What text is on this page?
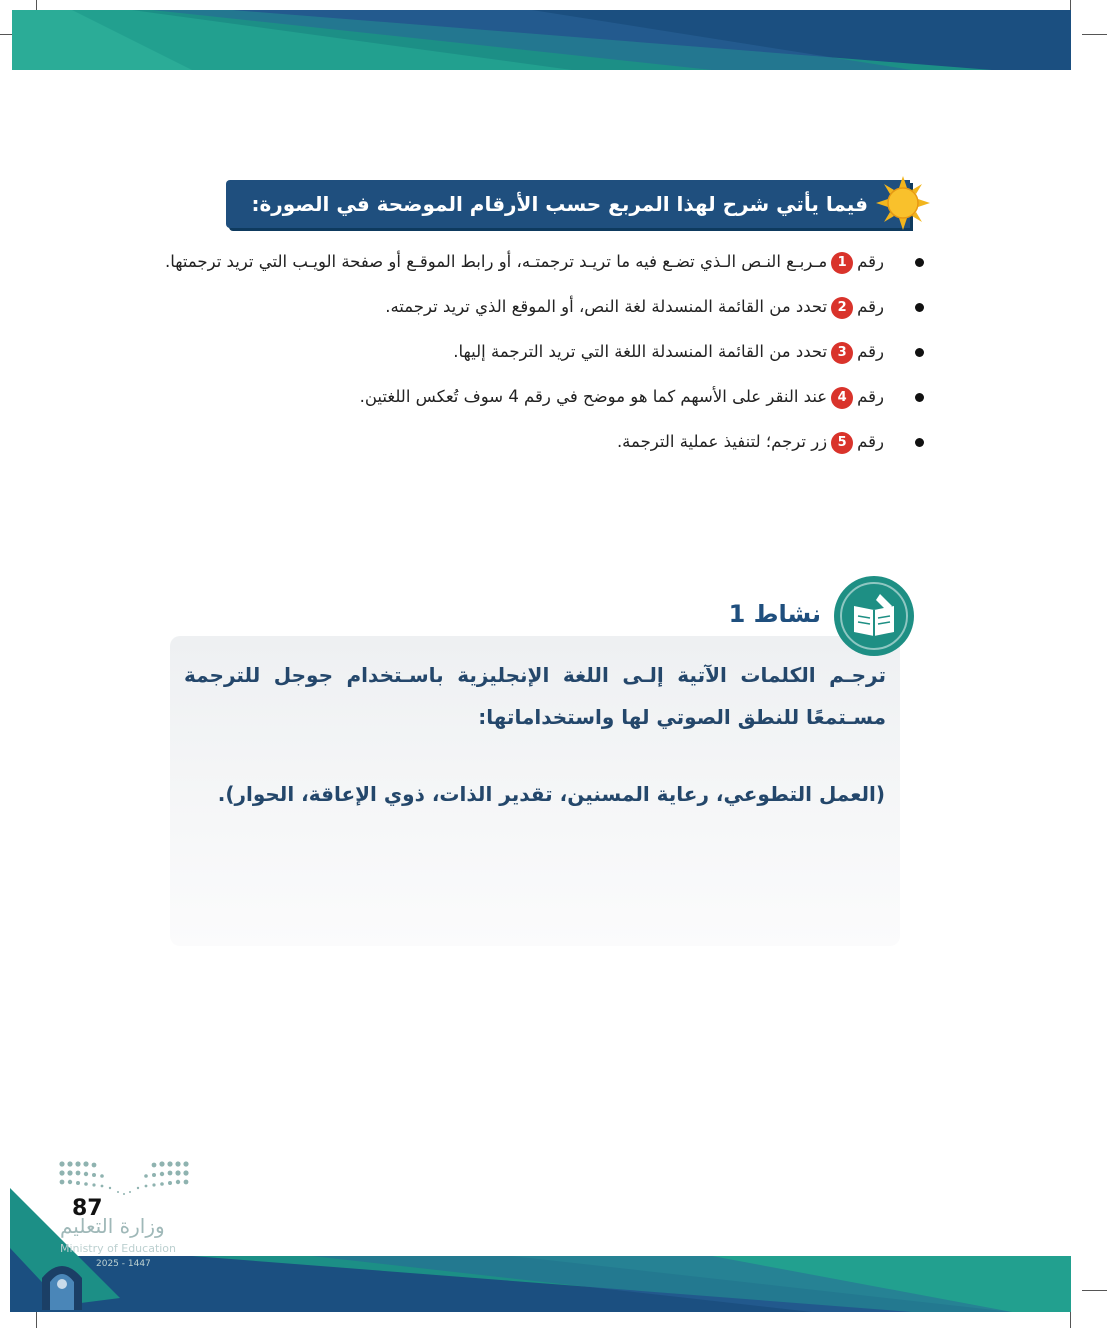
فيما يأتي شرح لهذا المربع حسب الأرقام الموضحة في الصورة:
رقم1مـربـع النـص الـذي تضـع فيه ما تريـد ترجمتـه، أو رابط الموقـع أو صفحة الويـب التي تريد ترجمتها.
رقم2تحدد من القائمة المنسدلة لغة النص، أو الموقع الذي تريد ترجمته.
رقم3تحدد من القائمة المنسدلة اللغة التي تريد الترجمة إليها.
رقم4عند النقر على الأسهم كما هو موضح في رقم 4 سوف تُعكس اللغتين.
رقم5زر ترجم؛ لتنفيذ عملية الترجمة.
نشاط 1
ترجـم الكلمات الآتية إلـى اللغة الإنجليزية باسـتخدام جوجل للترجمة مسـتمعًا للنطق الصوتي لها واستخداماتها:
(العمل التطوعي، رعاية المسنين، تقدير الذات، ذوي الإعاقة، الحوار).
87
وزارة التعليم
Ministry of Education
2025 - 1447
